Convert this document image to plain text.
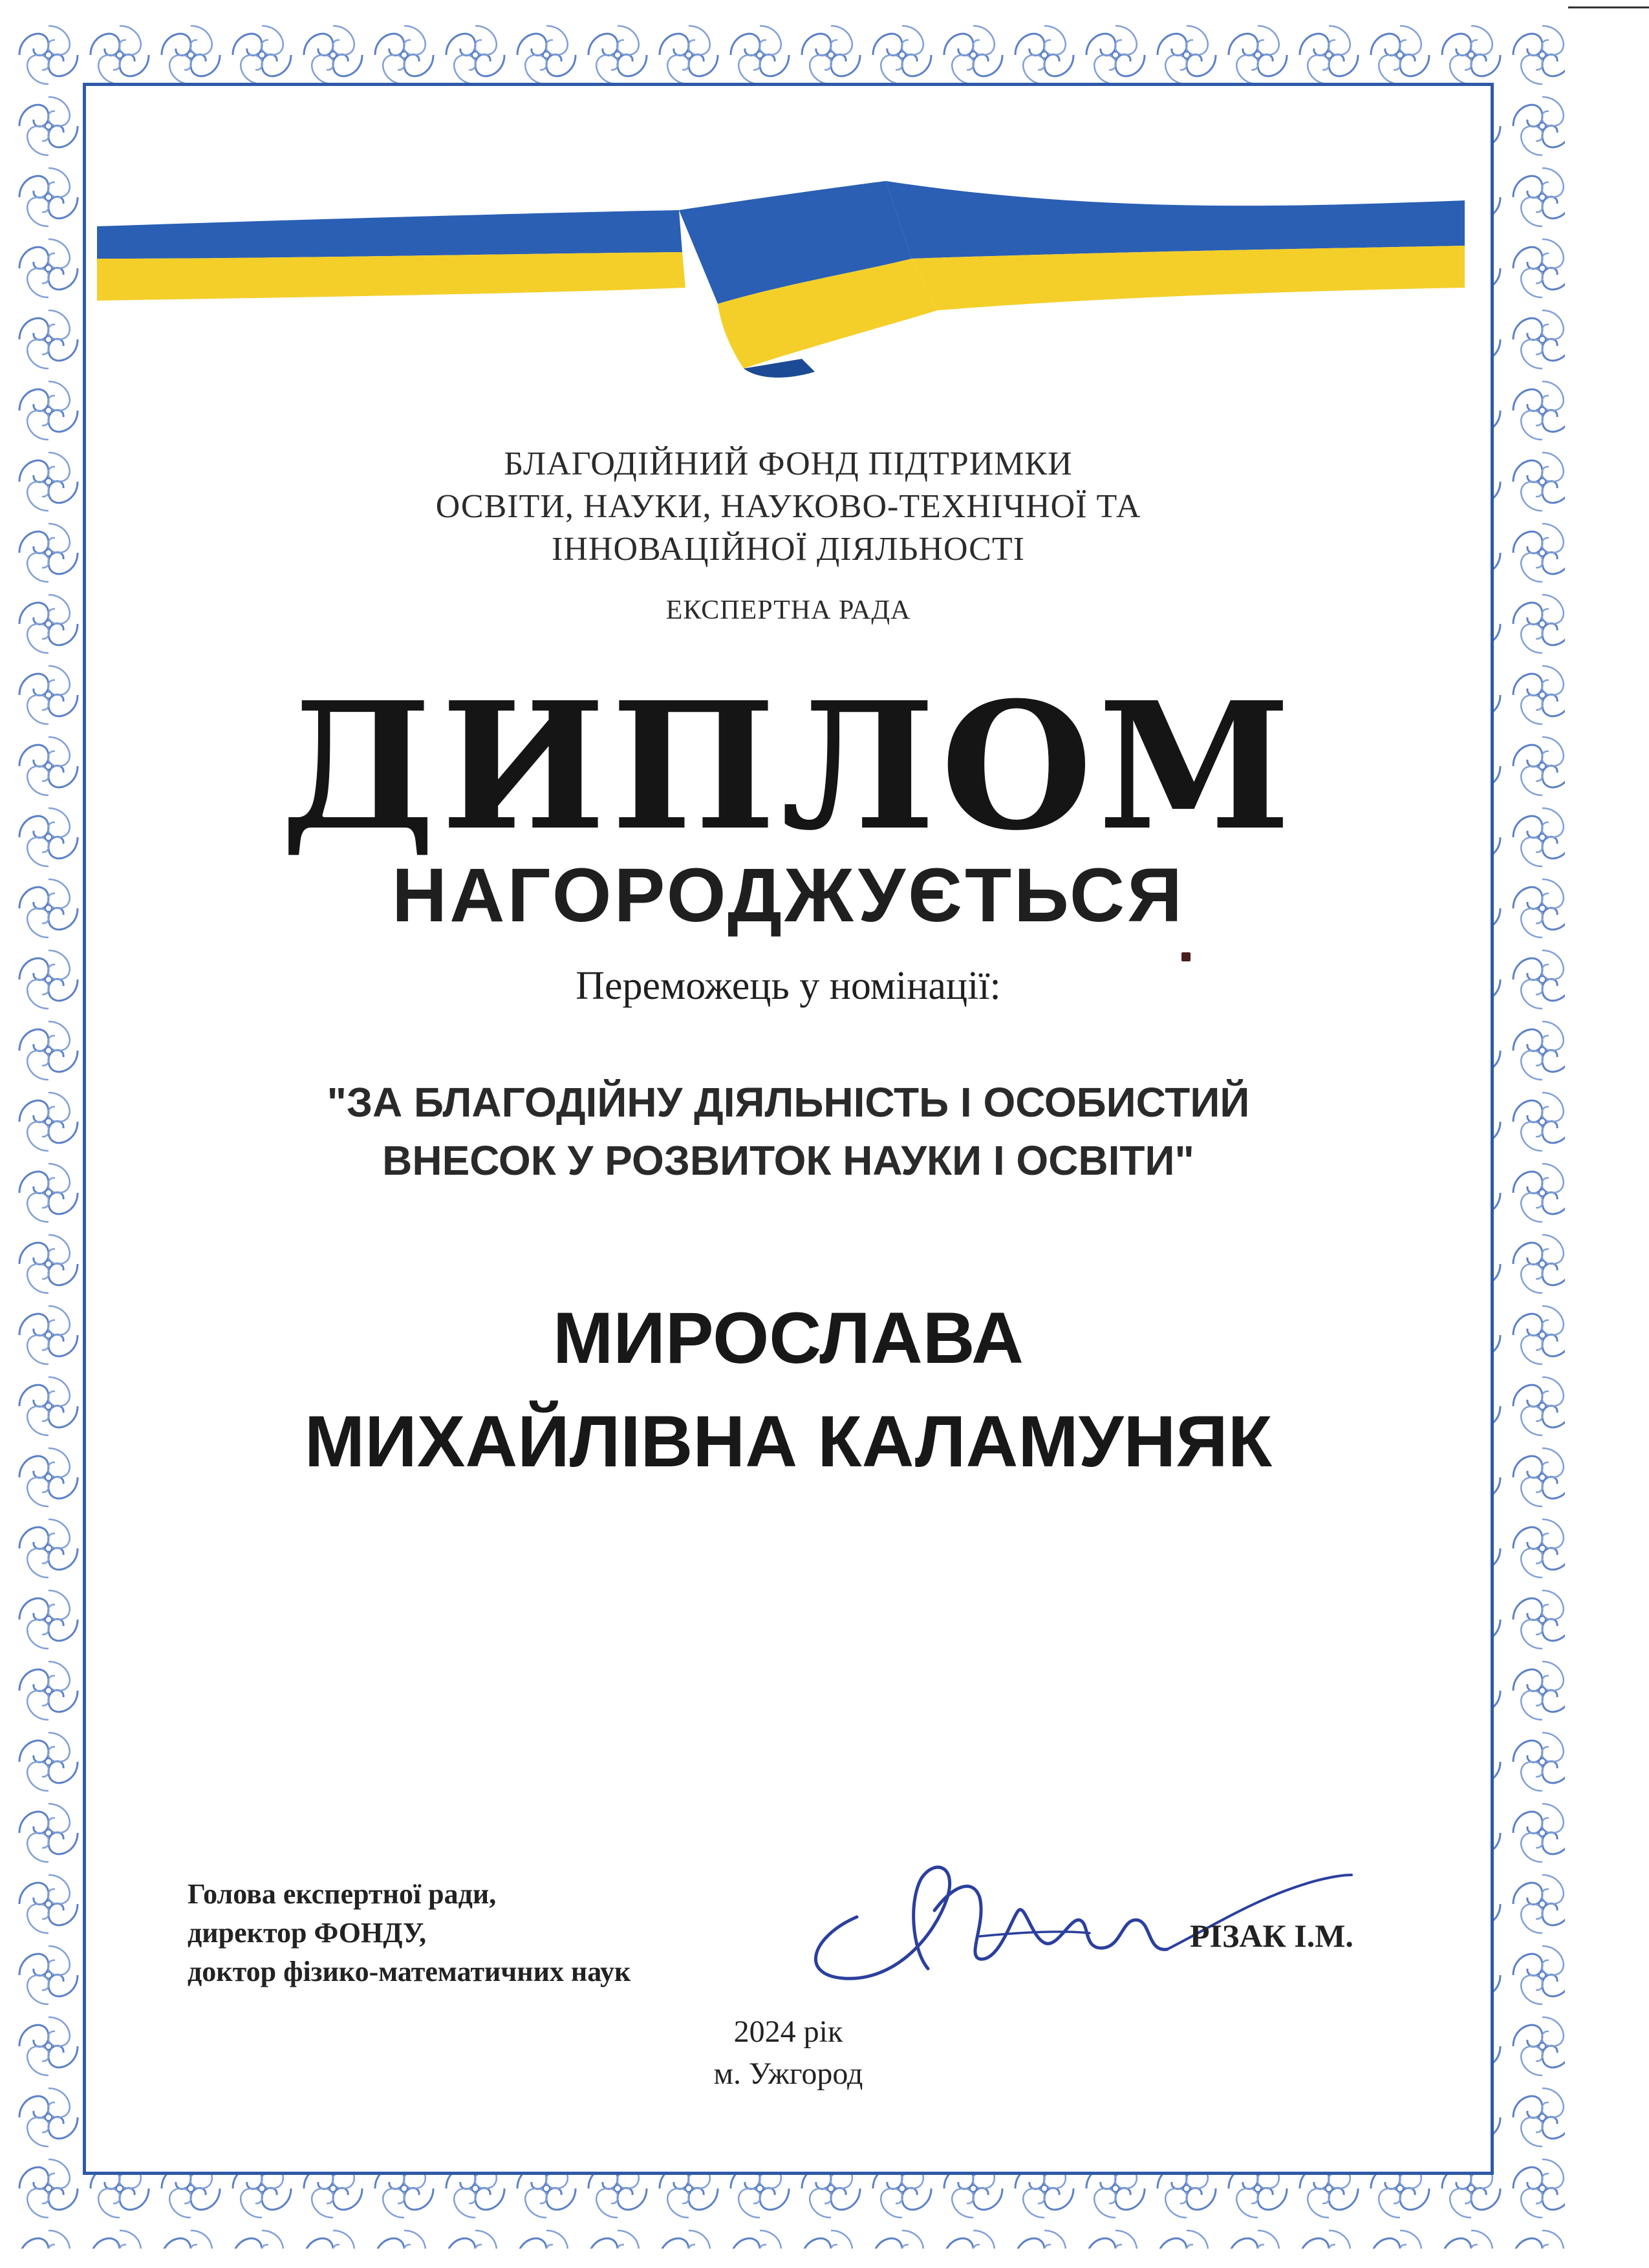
БЛАГОДІЙНИЙ ФОНД ПІДТРИМКИ
ОСВІТИ, НАУКИ, НАУКОВО-ТЕХНІЧНОЇ ТА
ІННОВАЦІЙНОЇ ДІЯЛЬНОСТІ
ЕКСПЕРТНА РАДА
ДИПЛОМ
НАГОРОДЖУЄТЬСЯ
Переможець у номінації:
"ЗА БЛАГОДІЙНУ ДІЯЛЬНІСТЬ І ОСОБИСТИЙ
ВНЕСОК У РОЗВИТОК НАУКИ І ОСВІТИ"
МИРОСЛАВА
МИХАЙЛІВНА КАЛАМУНЯК
Голова експертної ради,
директор ФОНДУ,
доктор фізико-математичних наук
РІЗАК І.М.
2024 рік
м. Ужгород
